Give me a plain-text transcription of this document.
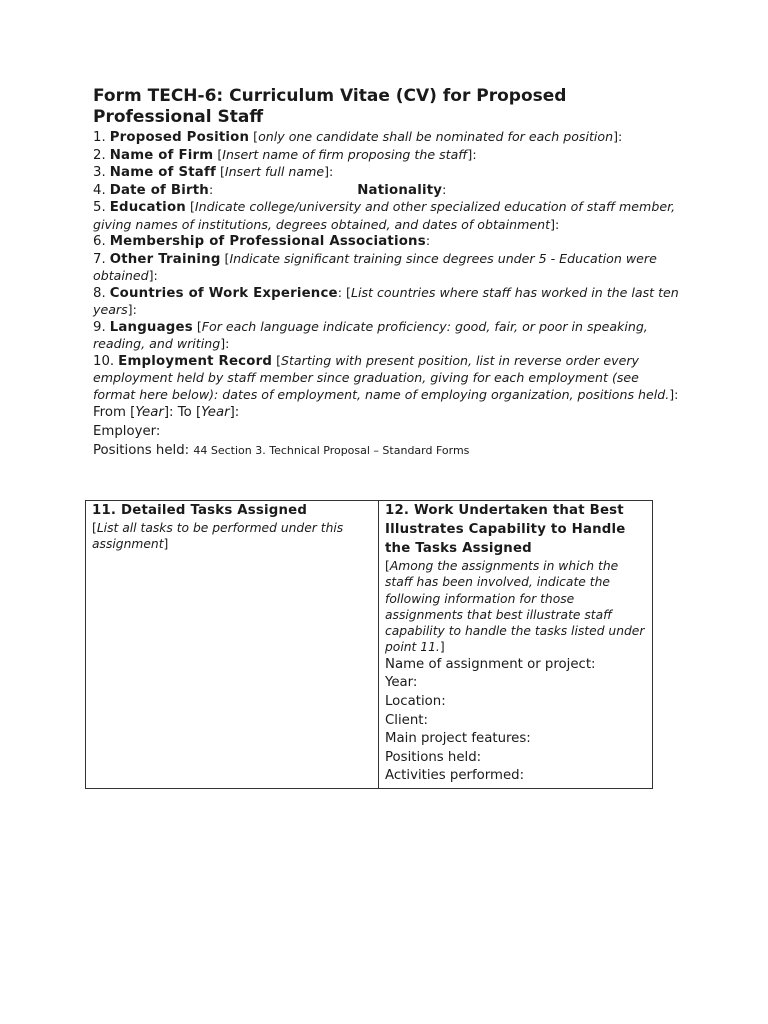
Form TECH-6: Curriculum Vitae (CV) for Proposed Professional Staff

1. Proposed Position [only one candidate shall be nominated for each position]:

2. Name of Firm [Insert name of firm proposing the staff]:

3. Name of Staff [Insert full name]:

4. Date of Birth:	Nationality:

5. Education [Indicate college/university and other specialized education of staff member, giving names of institutions, degrees obtained, and dates of obtainment]:

6. Membership of Professional Associations:

7. Other Training [Indicate significant training since degrees under 5 - Education were obtained]:

8. Countries of Work Experience: [List countries where staff has worked in the last ten years]:

9. Languages [For each language indicate proficiency: good, fair, or poor in speaking, reading, and writing]:

10. Employment Record [Starting with present position, list in reverse order every employment held by staff member since graduation, giving for each employment (see format here below): dates of employment, name of employing organization, positions held.]:

From [Year]: To [Year]:

Employer:

Positions held: 44 Section 3. Technical Proposal – Standard Forms

11. Detailed Tasks Assigned
[List all tasks to be performed under this assignment]

12. Work Undertaken that Best Illustrates Capability to Handle the Tasks Assigned
[Among the assignments in which the staff has been involved, indicate the following information for those assignments that best illustrate staff capability to handle the tasks listed under point 11.]
Name of assignment or project:
Year:
Location:
Client:
Main project features:
Positions held:
Activities performed:
